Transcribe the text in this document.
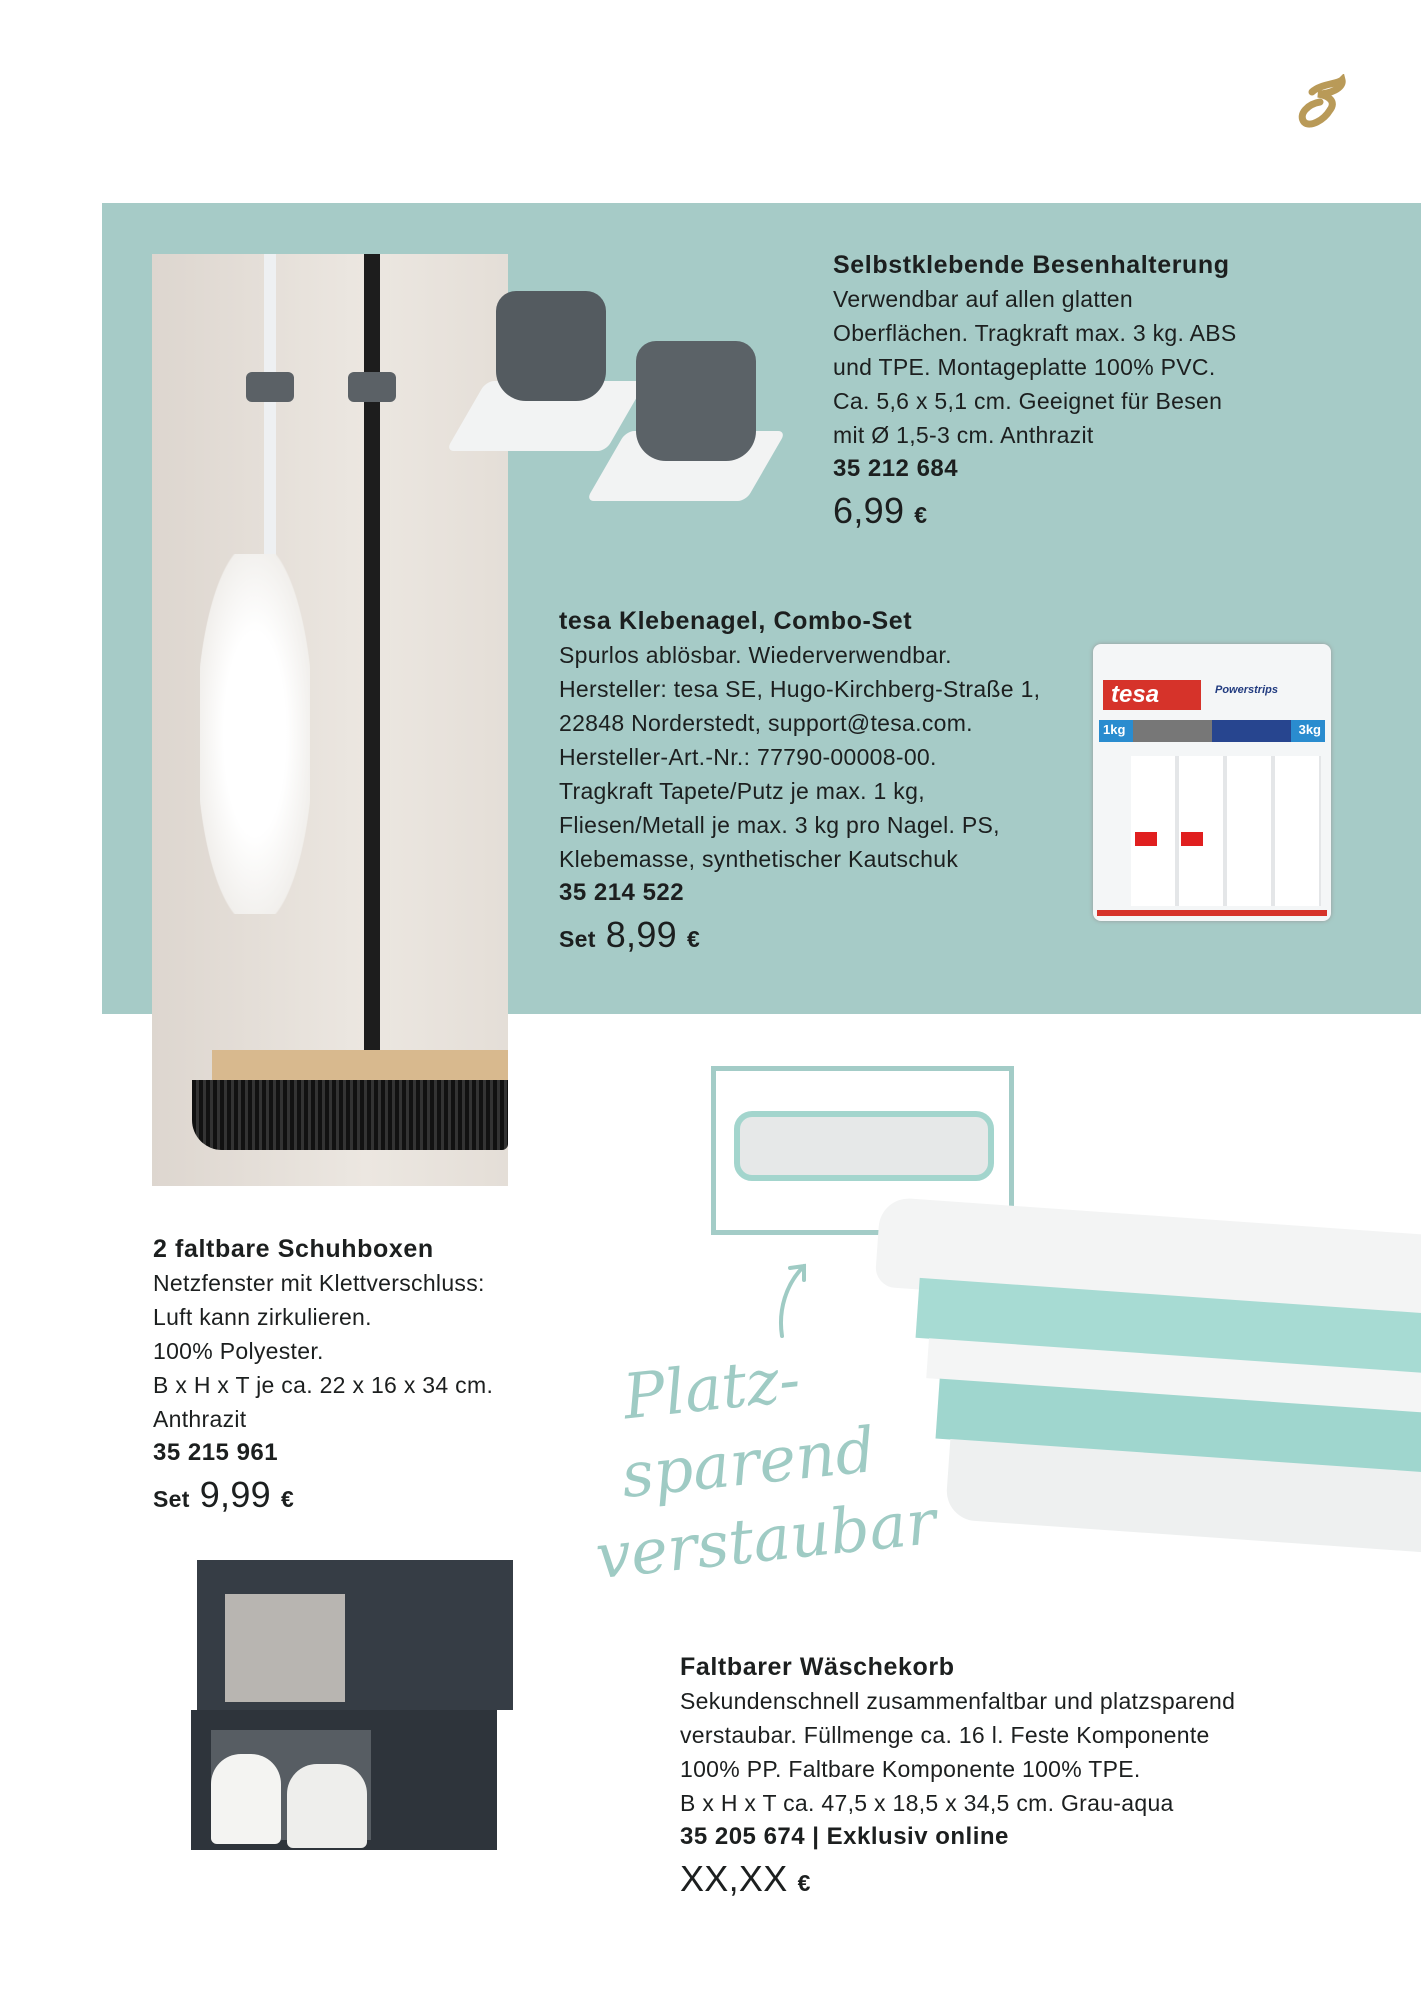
Selbstklebende Besenhalterung
Verwendbar auf allen glatten
Oberflächen. Tragkraft max. 3 kg. ABS
und TPE. Montageplatte 100% PVC.
Ca. 5,6 x 5,1 cm. Geeignet für Besen
mit Ø 1,5-3 cm. Anthrazit
35 212 684
6,99 €
tesa Klebenagel, Combo-Set
Spurlos ablösbar. Wiederverwendbar.
Hersteller: tesa SE, Hugo-Kirchberg-Straße 1,
22848 Norderstedt, support@tesa.com.
Hersteller-Art.-Nr.: 77790-00008-00.
Tragkraft Tapete/Putz je max. 1 kg,
Fliesen/Metall je max. 3 kg pro Nagel. PS,
Klebemasse, synthetischer Kautschuk
35 214 522
Set 8,99 €
tesa	Powerstrips
1kg	3kg
2 faltbare Schuhboxen
Netzfenster mit Klettverschluss:
Luft kann zirkulieren.
100% Polyester.
B x H x T je ca. 22 x 16 x 34 cm.
Anthrazit
35 215 961
Set 9,99 €
Platz-
sparend
verstaubar
Faltbarer Wäschekorb
Sekundenschnell zusammenfaltbar und platzsparend
verstaubar. Füllmenge ca. 16 l. Feste Komponente
100% PP. Faltbare Komponente 100% TPE.
B x H x T ca. 47,5 x 18,5 x 34,5 cm. Grau-aqua
35 205 674 | Exklusiv online
XX,XX €
